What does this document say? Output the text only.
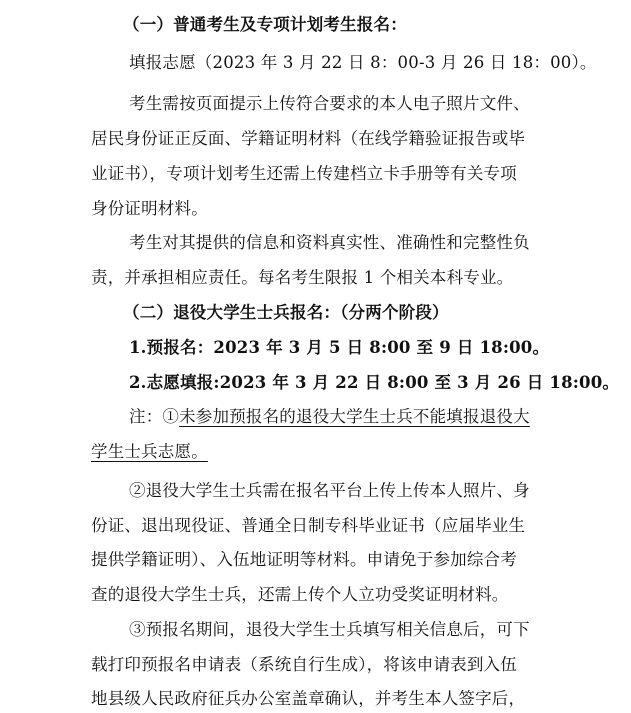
（一）普通考生及专项计划考生报名：
填报志愿（2023 年 3 月 22 日 8：00-3 月 26 日 18：00）。
考生需按页面提示上传符合要求的本人电子照片文件、
居民身份证正反面、学籍证明材料（在线学籍验证报告或毕
业证书），专项计划考生还需上传建档立卡手册等有关专项
身份证明材料。
考生对其提供的信息和资料真实性、准确性和完整性负
责，并承担相应责任。每名考生限报 1 个相关本科专业。
（二）退役大学生士兵报名：（分两个阶段）
1.预报名：2023 年 3 月 5 日 8:00 至 9 日 18:00。
2.志愿填报:2023 年 3 月 22 日 8:00 至 3 月 26 日 18:00。
注：①未参加预报名的退役大学生士兵不能填报退役大
学生士兵志愿。
②退役大学生士兵需在报名平台上传上传本人照片、身
份证、退出现役证、普通全日制专科毕业证书（应届毕业生
提供学籍证明）、入伍地证明等材料。申请免于参加综合考
查的退役大学生士兵，还需上传个人立功受奖证明材料。
③预报名期间，退役大学生士兵填写相关信息后，可下
载打印预报名申请表（系统自行生成），将该申请表到入伍
地县级人民政府征兵办公室盖章确认，并考生本人签字后，
